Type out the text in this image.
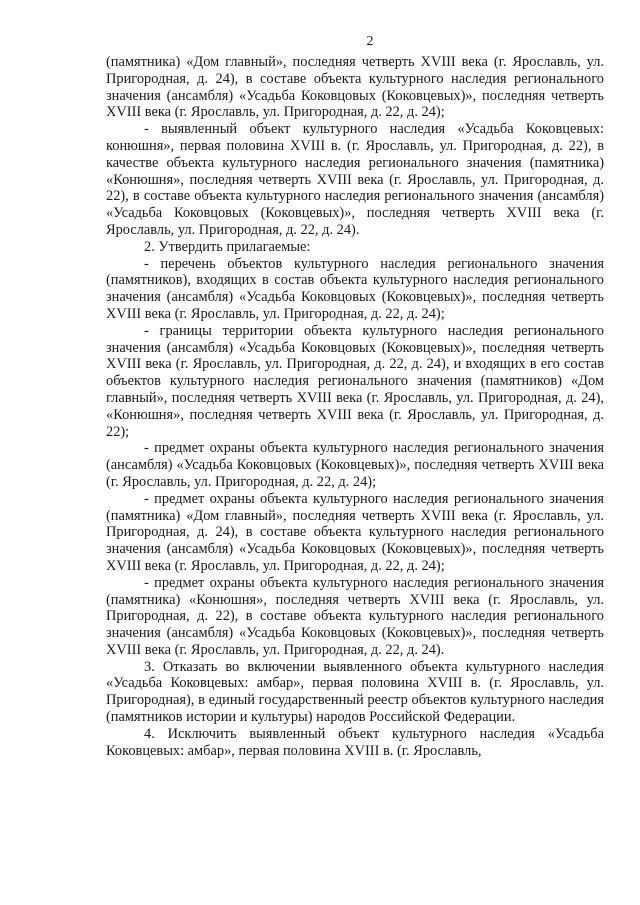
2

(памятника) «Дом главный», последняя четверть XVIII века (г. Ярославль, ул. Пригородная, д. 24), в составе объекта культурного наследия регионального значения (ансамбля) «Усадьба Коковцовых (Коковцевых)», последняя четверть XVIII века (г. Ярославль, ул. Пригородная, д. 22, д. 24);

- выявленный объект культурного наследия «Усадьба Коковцевых: конюшня», первая половина XVIII в. (г. Ярославль, ул. Пригородная, д. 22), в качестве объекта культурного наследия регионального значения (памятника) «Конюшня», последняя четверть XVIII века (г. Ярославль, ул. Пригородная, д. 22), в составе объекта культурного наследия регионального значения (ансамбля) «Усадьба Коковцовых (Коковцевых)», последняя четверть XVIII века (г. Ярославль, ул. Пригородная, д. 22, д. 24).

2. Утвердить прилагаемые:

- перечень объектов культурного наследия регионального значения (памятников), входящих в состав объекта культурного наследия регионального значения (ансамбля) «Усадьба Коковцовых (Коковцевых)», последняя четверть XVIII века (г. Ярославль, ул. Пригородная, д. 22, д. 24);

- границы территории объекта культурного наследия регионального значения (ансамбля) «Усадьба Коковцовых (Коковцевых)», последняя четверть XVIII века (г. Ярославль, ул. Пригородная, д. 22, д. 24), и входящих в его состав объектов культурного наследия регионального значения (памятников) «Дом главный», последняя четверть XVIII века (г. Ярославль, ул. Пригородная, д. 24), «Конюшня», последняя четверть XVIII века (г. Ярославль, ул. Пригородная, д. 22);

- предмет охраны объекта культурного наследия регионального значения (ансамбля) «Усадьба Коковцовых (Коковцевых)», последняя четверть XVIII века (г. Ярославль, ул. Пригородная, д. 22, д. 24);

- предмет охраны объекта культурного наследия регионального значения (памятника) «Дом главный», последняя четверть XVIII века (г. Ярославль, ул. Пригородная, д. 24), в составе объекта культурного наследия регионального значения (ансамбля) «Усадьба Коковцовых (Коковцевых)», последняя четверть XVIII века (г. Ярославль, ул. Пригородная, д. 22, д. 24);

- предмет охраны объекта культурного наследия регионального значения (памятника) «Конюшня», последняя четверть XVIII века (г. Ярославль, ул. Пригородная, д. 22), в составе объекта культурного наследия регионального значения (ансамбля) «Усадьба Коковцовых (Коковцевых)», последняя четверть XVIII века (г. Ярославль, ул. Пригородная, д. 22, д. 24).

3. Отказать во включении выявленного объекта культурного наследия «Усадьба Коковцевых: амбар», первая половина XVIII в. (г. Ярославль, ул. Пригородная), в единый государственный реестр объектов культурного наследия (памятников истории и культуры) народов Российской Федерации.

4. Исключить выявленный объект культурного наследия «Усадьба Коковцевых: амбар», первая половина XVIII в. (г. Ярославль,
